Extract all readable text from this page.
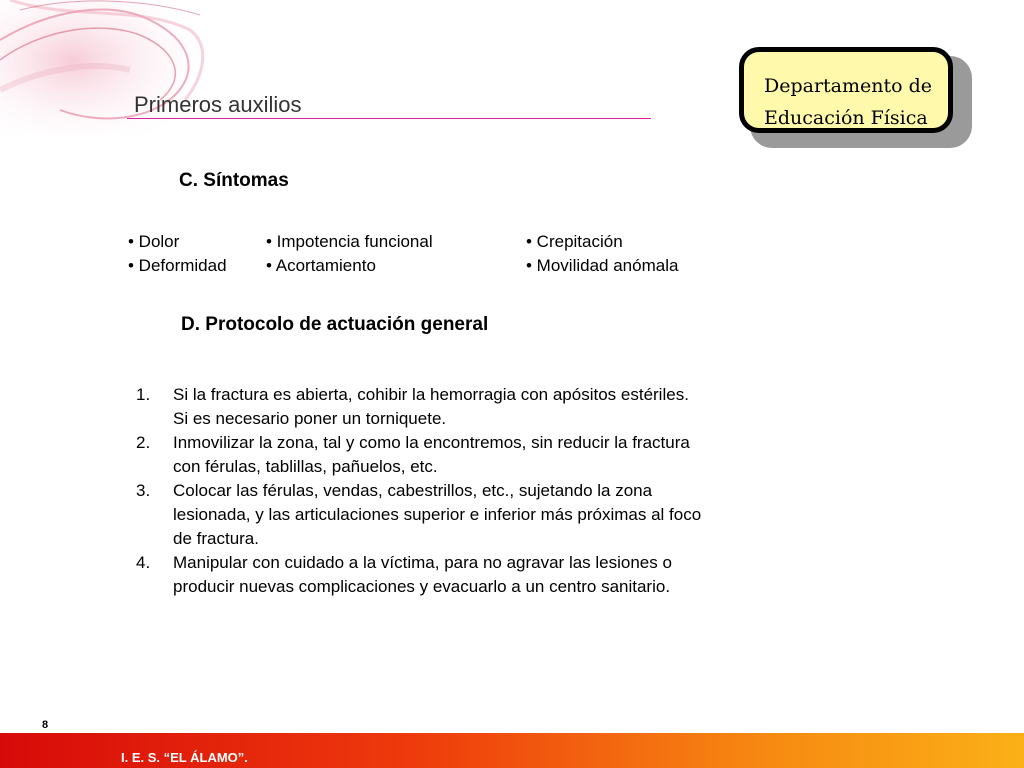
Primeros auxilios
Departamento de
Educación Física
C. Síntomas
• Dolor
• Deformidad
• Impotencia funcional
• Acortamiento
• Crepitación
• Movilidad anómala
D. Protocolo de actuación general
1. Si la fractura es abierta, cohibir la hemorragia con apósitos estériles.
Si es necesario poner un torniquete.
2. Inmovilizar la zona, tal y como la encontremos, sin reducir la fractura
con férulas, tablillas, pañuelos, etc.
3. Colocar las férulas, vendas, cabestrillos, etc., sujetando la zona
lesionada, y las articulaciones superior e inferior más próximas al foco
de fractura.
4. Manipular con cuidado a la víctima, para no agravar las lesiones o
producir nuevas complicaciones y evacuarlo a un centro sanitario.
8
I. E. S. “EL ÁLAMO”.
